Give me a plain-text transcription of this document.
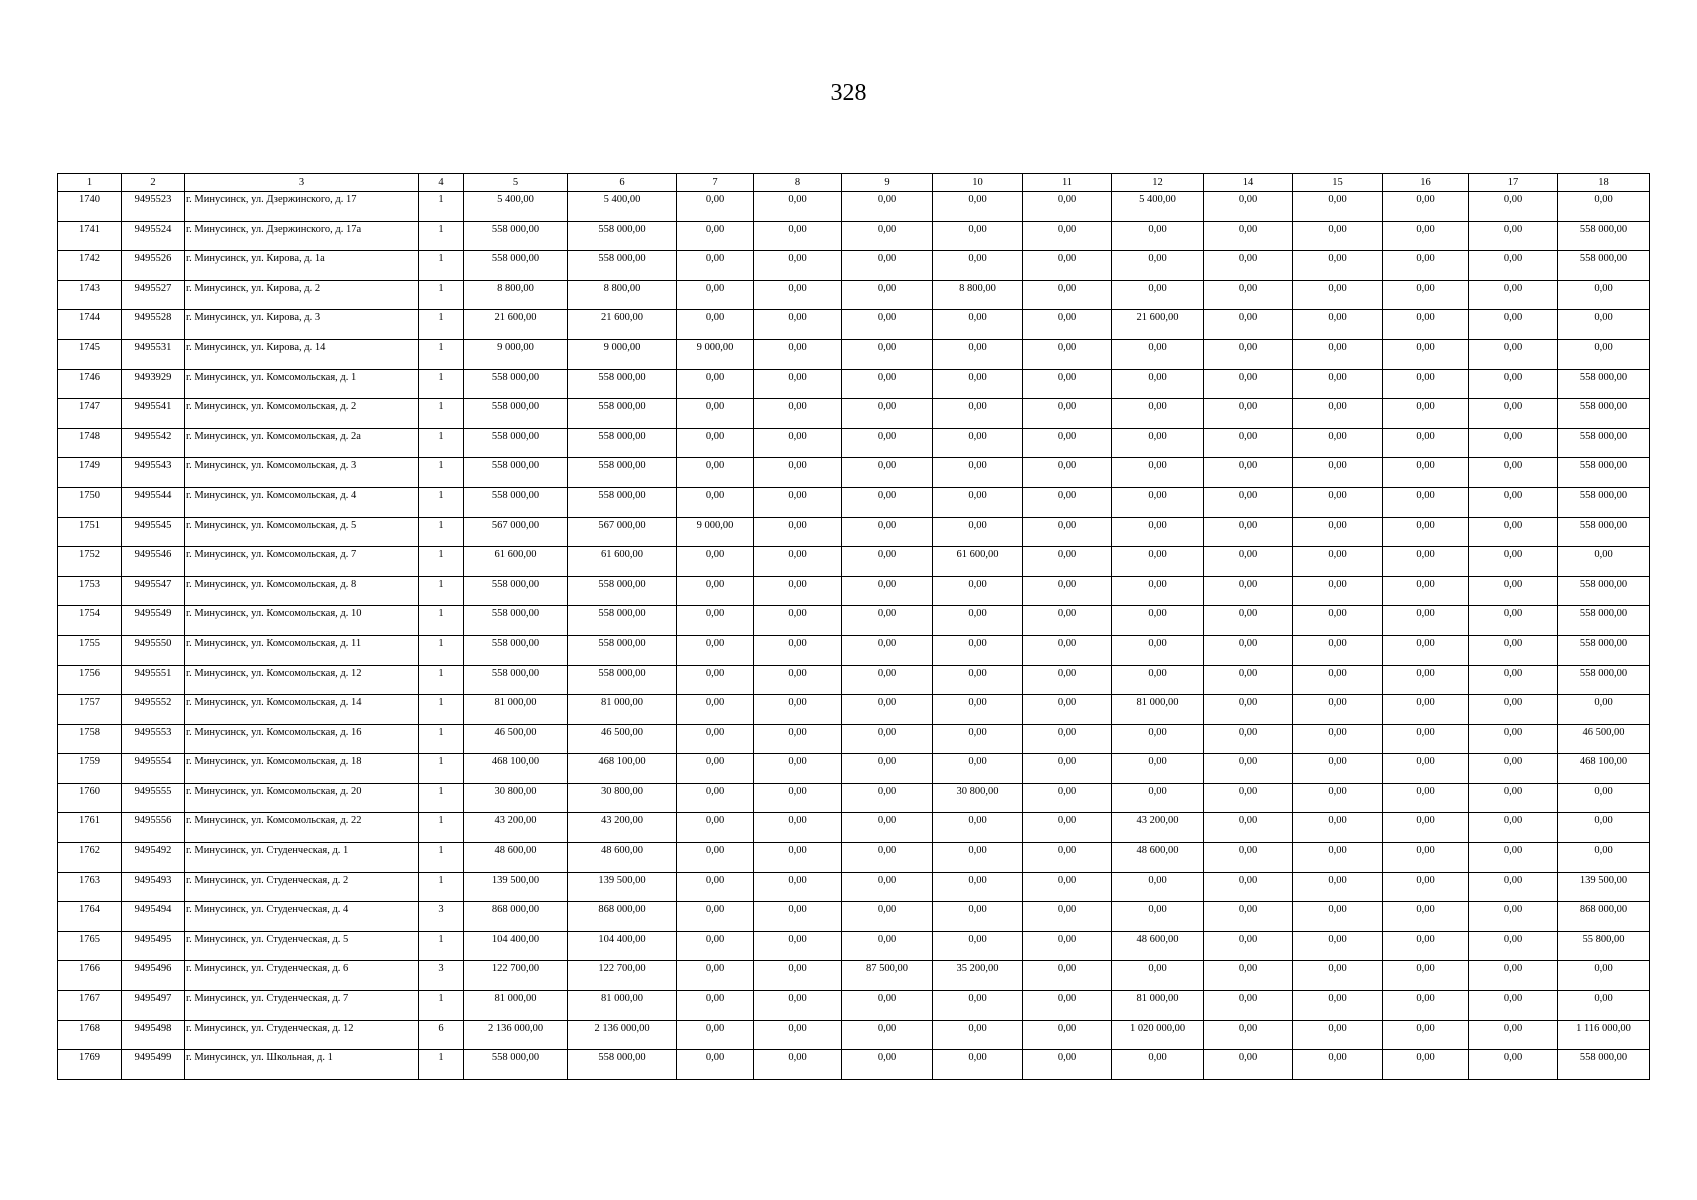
328
1	2	3	4	5	6	7	8	9	10	11	12	14	15	16	17	18
1740	9495523	г. Минусинск, ул. Дзержинского, д. 17	1	5 400,00	5 400,00	0,00	0,00	0,00	0,00	0,00	5 400,00	0,00	0,00	0,00	0,00	0,00
1741	9495524	г. Минусинск, ул. Дзержинского, д. 17а	1	558 000,00	558 000,00	0,00	0,00	0,00	0,00	0,00	0,00	0,00	0,00	0,00	0,00	558 000,00
1742	9495526	г. Минусинск, ул. Кирова, д. 1а	1	558 000,00	558 000,00	0,00	0,00	0,00	0,00	0,00	0,00	0,00	0,00	0,00	0,00	558 000,00
1743	9495527	г. Минусинск, ул. Кирова, д. 2	1	8 800,00	8 800,00	0,00	0,00	0,00	8 800,00	0,00	0,00	0,00	0,00	0,00	0,00	0,00
1744	9495528	г. Минусинск, ул. Кирова, д. 3	1	21 600,00	21 600,00	0,00	0,00	0,00	0,00	0,00	21 600,00	0,00	0,00	0,00	0,00	0,00
1745	9495531	г. Минусинск, ул. Кирова, д. 14	1	9 000,00	9 000,00	9 000,00	0,00	0,00	0,00	0,00	0,00	0,00	0,00	0,00	0,00	0,00
1746	9493929	г. Минусинск, ул. Комсомольская, д. 1	1	558 000,00	558 000,00	0,00	0,00	0,00	0,00	0,00	0,00	0,00	0,00	0,00	0,00	558 000,00
1747	9495541	г. Минусинск, ул. Комсомольская, д. 2	1	558 000,00	558 000,00	0,00	0,00	0,00	0,00	0,00	0,00	0,00	0,00	0,00	0,00	558 000,00
1748	9495542	г. Минусинск, ул. Комсомольская, д. 2а	1	558 000,00	558 000,00	0,00	0,00	0,00	0,00	0,00	0,00	0,00	0,00	0,00	0,00	558 000,00
1749	9495543	г. Минусинск, ул. Комсомольская, д. 3	1	558 000,00	558 000,00	0,00	0,00	0,00	0,00	0,00	0,00	0,00	0,00	0,00	0,00	558 000,00
1750	9495544	г. Минусинск, ул. Комсомольская, д. 4	1	558 000,00	558 000,00	0,00	0,00	0,00	0,00	0,00	0,00	0,00	0,00	0,00	0,00	558 000,00
1751	9495545	г. Минусинск, ул. Комсомольская, д. 5	1	567 000,00	567 000,00	9 000,00	0,00	0,00	0,00	0,00	0,00	0,00	0,00	0,00	0,00	558 000,00
1752	9495546	г. Минусинск, ул. Комсомольская, д. 7	1	61 600,00	61 600,00	0,00	0,00	0,00	61 600,00	0,00	0,00	0,00	0,00	0,00	0,00	0,00
1753	9495547	г. Минусинск, ул. Комсомольская, д. 8	1	558 000,00	558 000,00	0,00	0,00	0,00	0,00	0,00	0,00	0,00	0,00	0,00	0,00	558 000,00
1754	9495549	г. Минусинск, ул. Комсомольская, д. 10	1	558 000,00	558 000,00	0,00	0,00	0,00	0,00	0,00	0,00	0,00	0,00	0,00	0,00	558 000,00
1755	9495550	г. Минусинск, ул. Комсомольская, д. 11	1	558 000,00	558 000,00	0,00	0,00	0,00	0,00	0,00	0,00	0,00	0,00	0,00	0,00	558 000,00
1756	9495551	г. Минусинск, ул. Комсомольская, д. 12	1	558 000,00	558 000,00	0,00	0,00	0,00	0,00	0,00	0,00	0,00	0,00	0,00	0,00	558 000,00
1757	9495552	г. Минусинск, ул. Комсомольская, д. 14	1	81 000,00	81 000,00	0,00	0,00	0,00	0,00	0,00	81 000,00	0,00	0,00	0,00	0,00	0,00
1758	9495553	г. Минусинск, ул. Комсомольская, д. 16	1	46 500,00	46 500,00	0,00	0,00	0,00	0,00	0,00	0,00	0,00	0,00	0,00	0,00	46 500,00
1759	9495554	г. Минусинск, ул. Комсомольская, д. 18	1	468 100,00	468 100,00	0,00	0,00	0,00	0,00	0,00	0,00	0,00	0,00	0,00	0,00	468 100,00
1760	9495555	г. Минусинск, ул. Комсомольская, д. 20	1	30 800,00	30 800,00	0,00	0,00	0,00	30 800,00	0,00	0,00	0,00	0,00	0,00	0,00	0,00
1761	9495556	г. Минусинск, ул. Комсомольская, д. 22	1	43 200,00	43 200,00	0,00	0,00	0,00	0,00	0,00	43 200,00	0,00	0,00	0,00	0,00	0,00
1762	9495492	г. Минусинск, ул. Студенческая, д. 1	1	48 600,00	48 600,00	0,00	0,00	0,00	0,00	0,00	48 600,00	0,00	0,00	0,00	0,00	0,00
1763	9495493	г. Минусинск, ул. Студенческая, д. 2	1	139 500,00	139 500,00	0,00	0,00	0,00	0,00	0,00	0,00	0,00	0,00	0,00	0,00	139 500,00
1764	9495494	г. Минусинск, ул. Студенческая, д. 4	3	868 000,00	868 000,00	0,00	0,00	0,00	0,00	0,00	0,00	0,00	0,00	0,00	0,00	868 000,00
1765	9495495	г. Минусинск, ул. Студенческая, д. 5	1	104 400,00	104 400,00	0,00	0,00	0,00	0,00	0,00	48 600,00	0,00	0,00	0,00	0,00	55 800,00
1766	9495496	г. Минусинск, ул. Студенческая, д. 6	3	122 700,00	122 700,00	0,00	0,00	87 500,00	35 200,00	0,00	0,00	0,00	0,00	0,00	0,00	0,00
1767	9495497	г. Минусинск, ул. Студенческая, д. 7	1	81 000,00	81 000,00	0,00	0,00	0,00	0,00	0,00	81 000,00	0,00	0,00	0,00	0,00	0,00
1768	9495498	г. Минусинск, ул. Студенческая, д. 12	6	2 136 000,00	2 136 000,00	0,00	0,00	0,00	0,00	0,00	1 020 000,00	0,00	0,00	0,00	0,00	1 116 000,00
1769	9495499	г. Минусинск, ул. Школьная, д. 1	1	558 000,00	558 000,00	0,00	0,00	0,00	0,00	0,00	0,00	0,00	0,00	0,00	0,00	558 000,00
